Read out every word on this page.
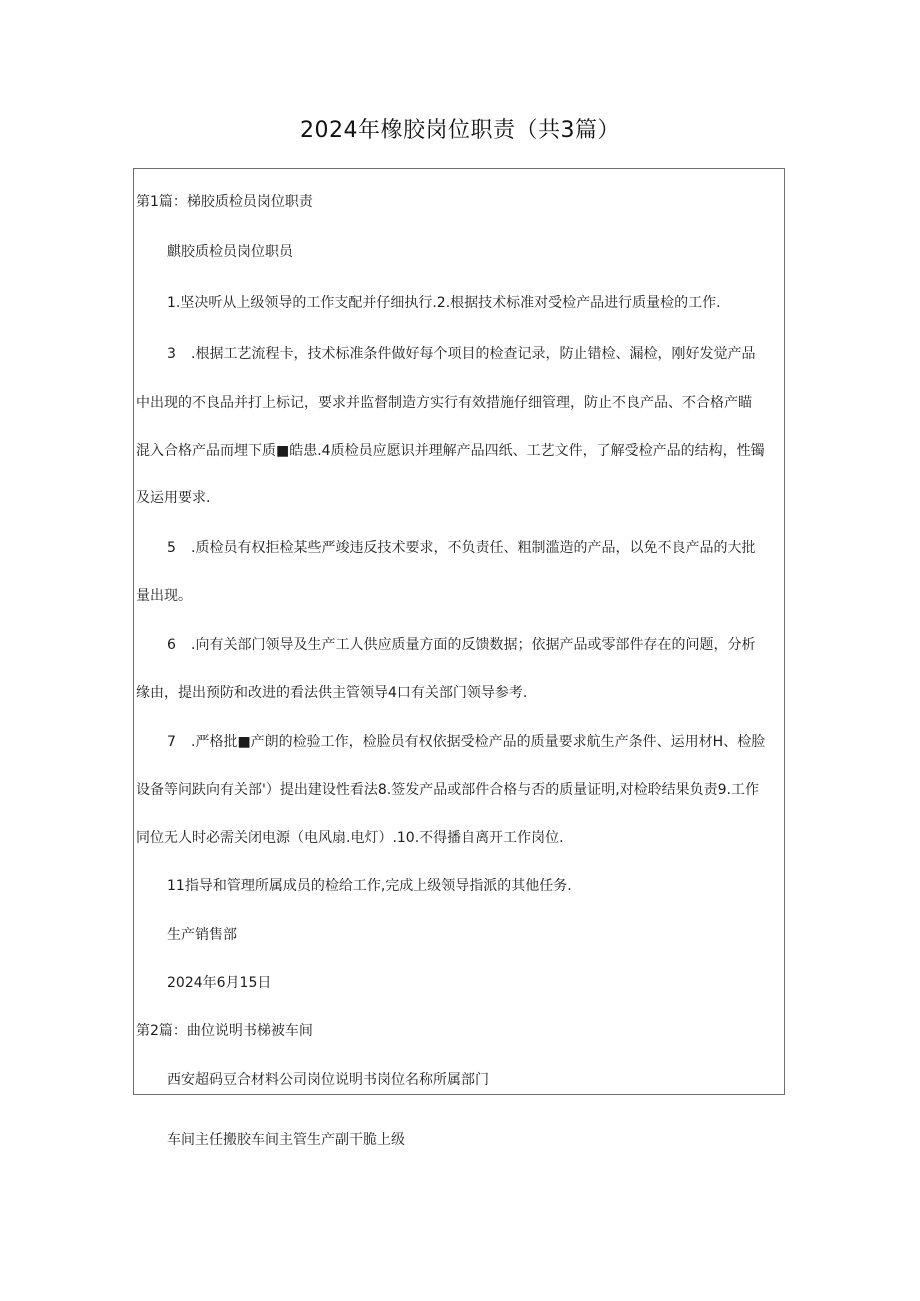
2024年橡胶岗位职责（共3篇）
第1篇：梯胶质检员岗位职责
麒胶质检员岗位职员
1.坚决听从上级领导的工作支配并仔细执行.2.根据技术标准对受检产品进行质量检的工作.
3 .根据工艺流程卡，技术标准条件做好每个项目的检查记录，防止错检、漏检，刚好发觉产品
中出现的不良品并打上标记，要求并监督制造方实行有效措施仔细管理，防止不良产品、不合格产瞄
混入合格产品而埋下质■皓患.4质检员应愿识并理解产品四纸、工艺文件，了解受检产品的结构，性镯
及运用要求.
5 .质检员有权拒检某些严竣违反技术要求，不负责任、粗制滥造的产品，以免不良产品的大批
量出现。
6 .向有关部门领导及生产工人供应质量方面的反馈数据；依据产品或零部件存在的问题，分析
缘由，提出预防和改进的看法供主管领导4口有关部门领导参考.
7 .严格批■产朗的检验工作，检脸员有权依据受检产品的质量要求航生产条件、运用材H、检脸
设备等问趺向有关部'）提出建设性看法8.签发产品或部件合格与否的质量证明,对检聆结果负责9.工作
同位无人时必需关闭电源（电风扇.电灯）.10.不得播自离开工作岗位.
11指导和管理所属成员的检给工作,完成上级领导指派的其他任务.
生产销售部
2024年6月15日
第2篇：曲位说明书梯被车间
西安超码豆合材料公司岗位说明书岗位名称所属部门
车间主任搬胶车间主管生产副干脆上级
